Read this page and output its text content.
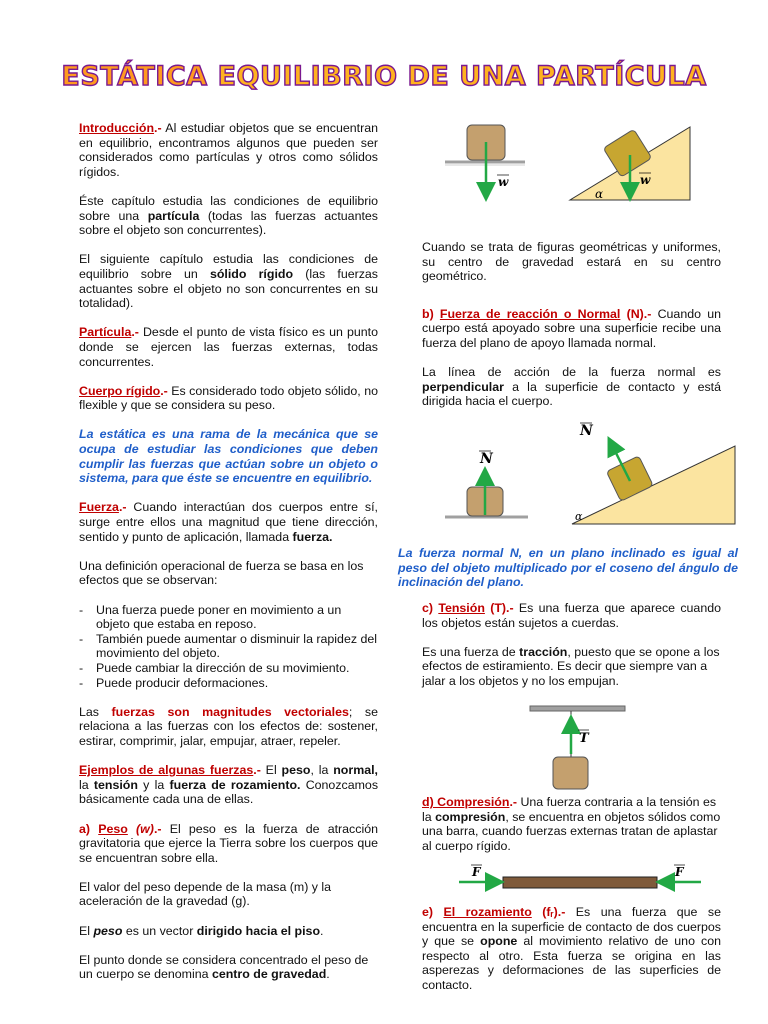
ESTÁTICA EQUILIBRIO DE UNA PARTÍCULA

Introducción.- Al estudiar objetos que se encuentran en equilibrio, encontramos algunos que pueden ser considerados como partículas y otros como sólidos rígidos.

Éste capítulo estudia las condiciones de equilibrio sobre una partícula (todas las fuerzas actuantes sobre el objeto son concurrentes).

El siguiente capítulo estudia las condiciones de equilibrio sobre un sólido rígido (las fuerzas actuantes sobre el objeto no son concurrentes en su totalidad).

Partícula.- Desde el punto de vista físico es un punto donde se ejercen las fuerzas externas, todas concurrentes.

Cuerpo rígido.- Es considerado todo objeto sólido, no flexible y que se considera su peso.

La estática es una rama de la mecánica que se ocupa de estudiar las condiciones que deben cumplir las fuerzas que actúan sobre un objeto o sistema, para que éste se encuentre en equilibrio.

Fuerza.- Cuando interactúan dos cuerpos entre sí, surge entre ellos una magnitud que tiene dirección, sentido y punto de aplicación, llamada fuerza.

Una definición operacional de fuerza se basa en los efectos que se observan:

- Una fuerza puede poner en movimiento a un objeto que estaba en reposo.
- También puede aumentar o disminuir la rapidez del movimiento del objeto.
- Puede cambiar la dirección de su movimiento.
- Puede producir deformaciones.

Las fuerzas son magnitudes vectoriales; se relaciona a las fuerzas con los efectos de: sostener, estirar, comprimir, jalar, empujar, atraer, repeler.

Ejemplos de algunas fuerzas.- El peso, la normal, la tensión y la fuerza de rozamiento. Conozcamos básicamente cada una de ellas.

a) Peso (w).- El peso es la fuerza de atracción gravitatoria que ejerce la Tierra sobre los cuerpos que se encuentran sobre ella.

El valor del peso depende de la masa (m) y la aceleración de la gravedad (g).

El peso es un vector dirigido hacia el piso.

El punto donde se considera concentrado el peso de un cuerpo se denomina centro de gravedad.

w	w
α
N
N
α
T
F	F

Cuando se trata de figuras geométricas y uniformes, su centro de gravedad estará en su centro geométrico.

b) Fuerza de reacción o Normal (N).- Cuando un cuerpo está apoyado sobre una superficie recibe una fuerza del plano de apoyo llamada normal.

La línea de acción de la fuerza normal es perpendicular a la superficie de contacto y está dirigida hacia el cuerpo.

La fuerza normal N, en un plano inclinado es igual al peso del objeto multiplicado por el coseno del ángulo de inclinación del plano.

c) Tensión (T).- Es una fuerza que aparece cuando los objetos están sujetos a cuerdas.

Es una fuerza de tracción, puesto que se opone a los efectos de estiramiento. Es decir que siempre van a jalar a los objetos y no los empujan.

d) Compresión.- Una fuerza contraria a la tensión es la compresión, se encuentra en objetos sólidos como una barra, cuando fuerzas externas tratan de aplastar al cuerpo rígido.

e) El rozamiento (fᵣ).- Es una fuerza que se encuentra en la superficie de contacto de dos cuerpos y que se opone al movimiento relativo de uno con respecto al otro. Esta fuerza se origina en las asperezas y deformaciones de las superficies de contacto.
